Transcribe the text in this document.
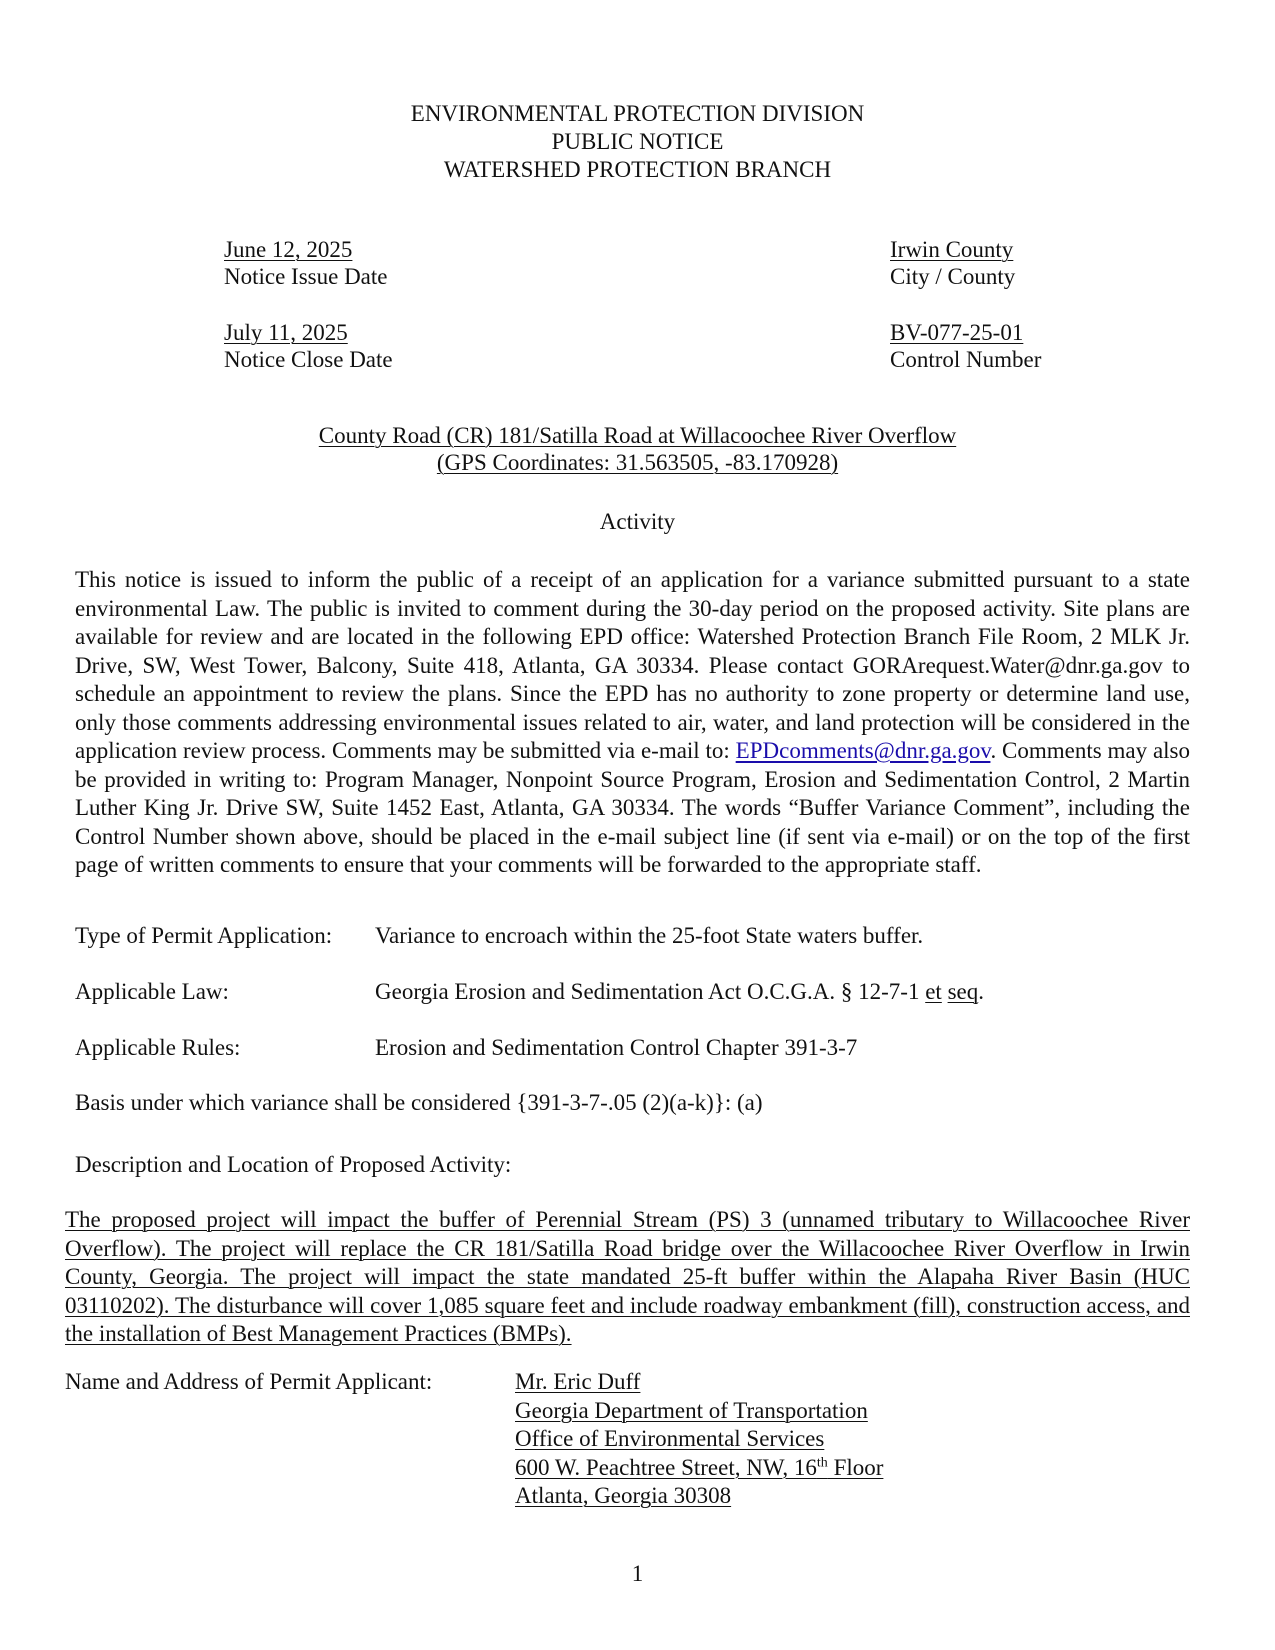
ENVIRONMENTAL PROTECTION DIVISION
PUBLIC NOTICE
WATERSHED PROTECTION BRANCH
June 12, 2025
Notice Issue Date
Irwin County
City / County
July 11, 2025
Notice Close Date
BV-077-25-01
Control Number
County Road (CR) 181/Satilla Road at Willacoochee River Overflow
(GPS Coordinates: 31.563505, -83.170928)
Activity
This notice is issued to inform the public of a receipt of an application for a variance submitted pursuant to a state environmental Law. The public is invited to comment during the 30-day period on the proposed activity. Site plans are available for review and are located in the following EPD office: Watershed Protection Branch File Room, 2 MLK Jr. Drive, SW, West Tower, Balcony, Suite 418, Atlanta, GA 30334. Please contact GORArequest.Water@dnr.ga.gov to schedule an appointment to review the plans. Since the EPD has no authority to zone property or determine land use, only those comments addressing environmental issues related to air, water, and land protection will be considered in the application review process. Comments may be submitted via e-mail to: EPDcomments@dnr.ga.gov. Comments may also be provided in writing to: Program Manager, Nonpoint Source Program, Erosion and Sedimentation Control, 2 Martin Luther King Jr. Drive SW, Suite 1452 East, Atlanta, GA 30334. The words “Buffer Variance Comment”, including the Control Number shown above, should be placed in the e-mail subject line (if sent via e-mail) or on the top of the first page of written comments to ensure that your comments will be forwarded to the appropriate staff.
Type of Permit Application: Variance to encroach within the 25-foot State waters buffer.
Applicable Law:	Georgia Erosion and Sedimentation Act O.C.G.A. § 12-7-1 et seq.
Applicable Rules:	Erosion and Sedimentation Control Chapter 391-3-7
Basis under which variance shall be considered {391-3-7-.05 (2)(a-k)}: (a)
Description and Location of Proposed Activity:
The proposed project will impact the buffer of Perennial Stream (PS) 3 (unnamed tributary to Willacoochee River Overflow). The project will replace the CR 181/Satilla Road bridge over the Willacoochee River Overflow in Irwin County, Georgia. The project will impact the state mandated 25-ft buffer within the Alapaha River Basin (HUC 03110202). The disturbance will cover 1,085 square feet and include roadway embankment (fill), construction access, and the installation of Best Management Practices (BMPs).
Name and Address of Permit Applicant:	Mr. Eric Duff
Georgia Department of Transportation
Office of Environmental Services
600 W. Peachtree Street, NW, 16th Floor
Atlanta, Georgia 30308
1
